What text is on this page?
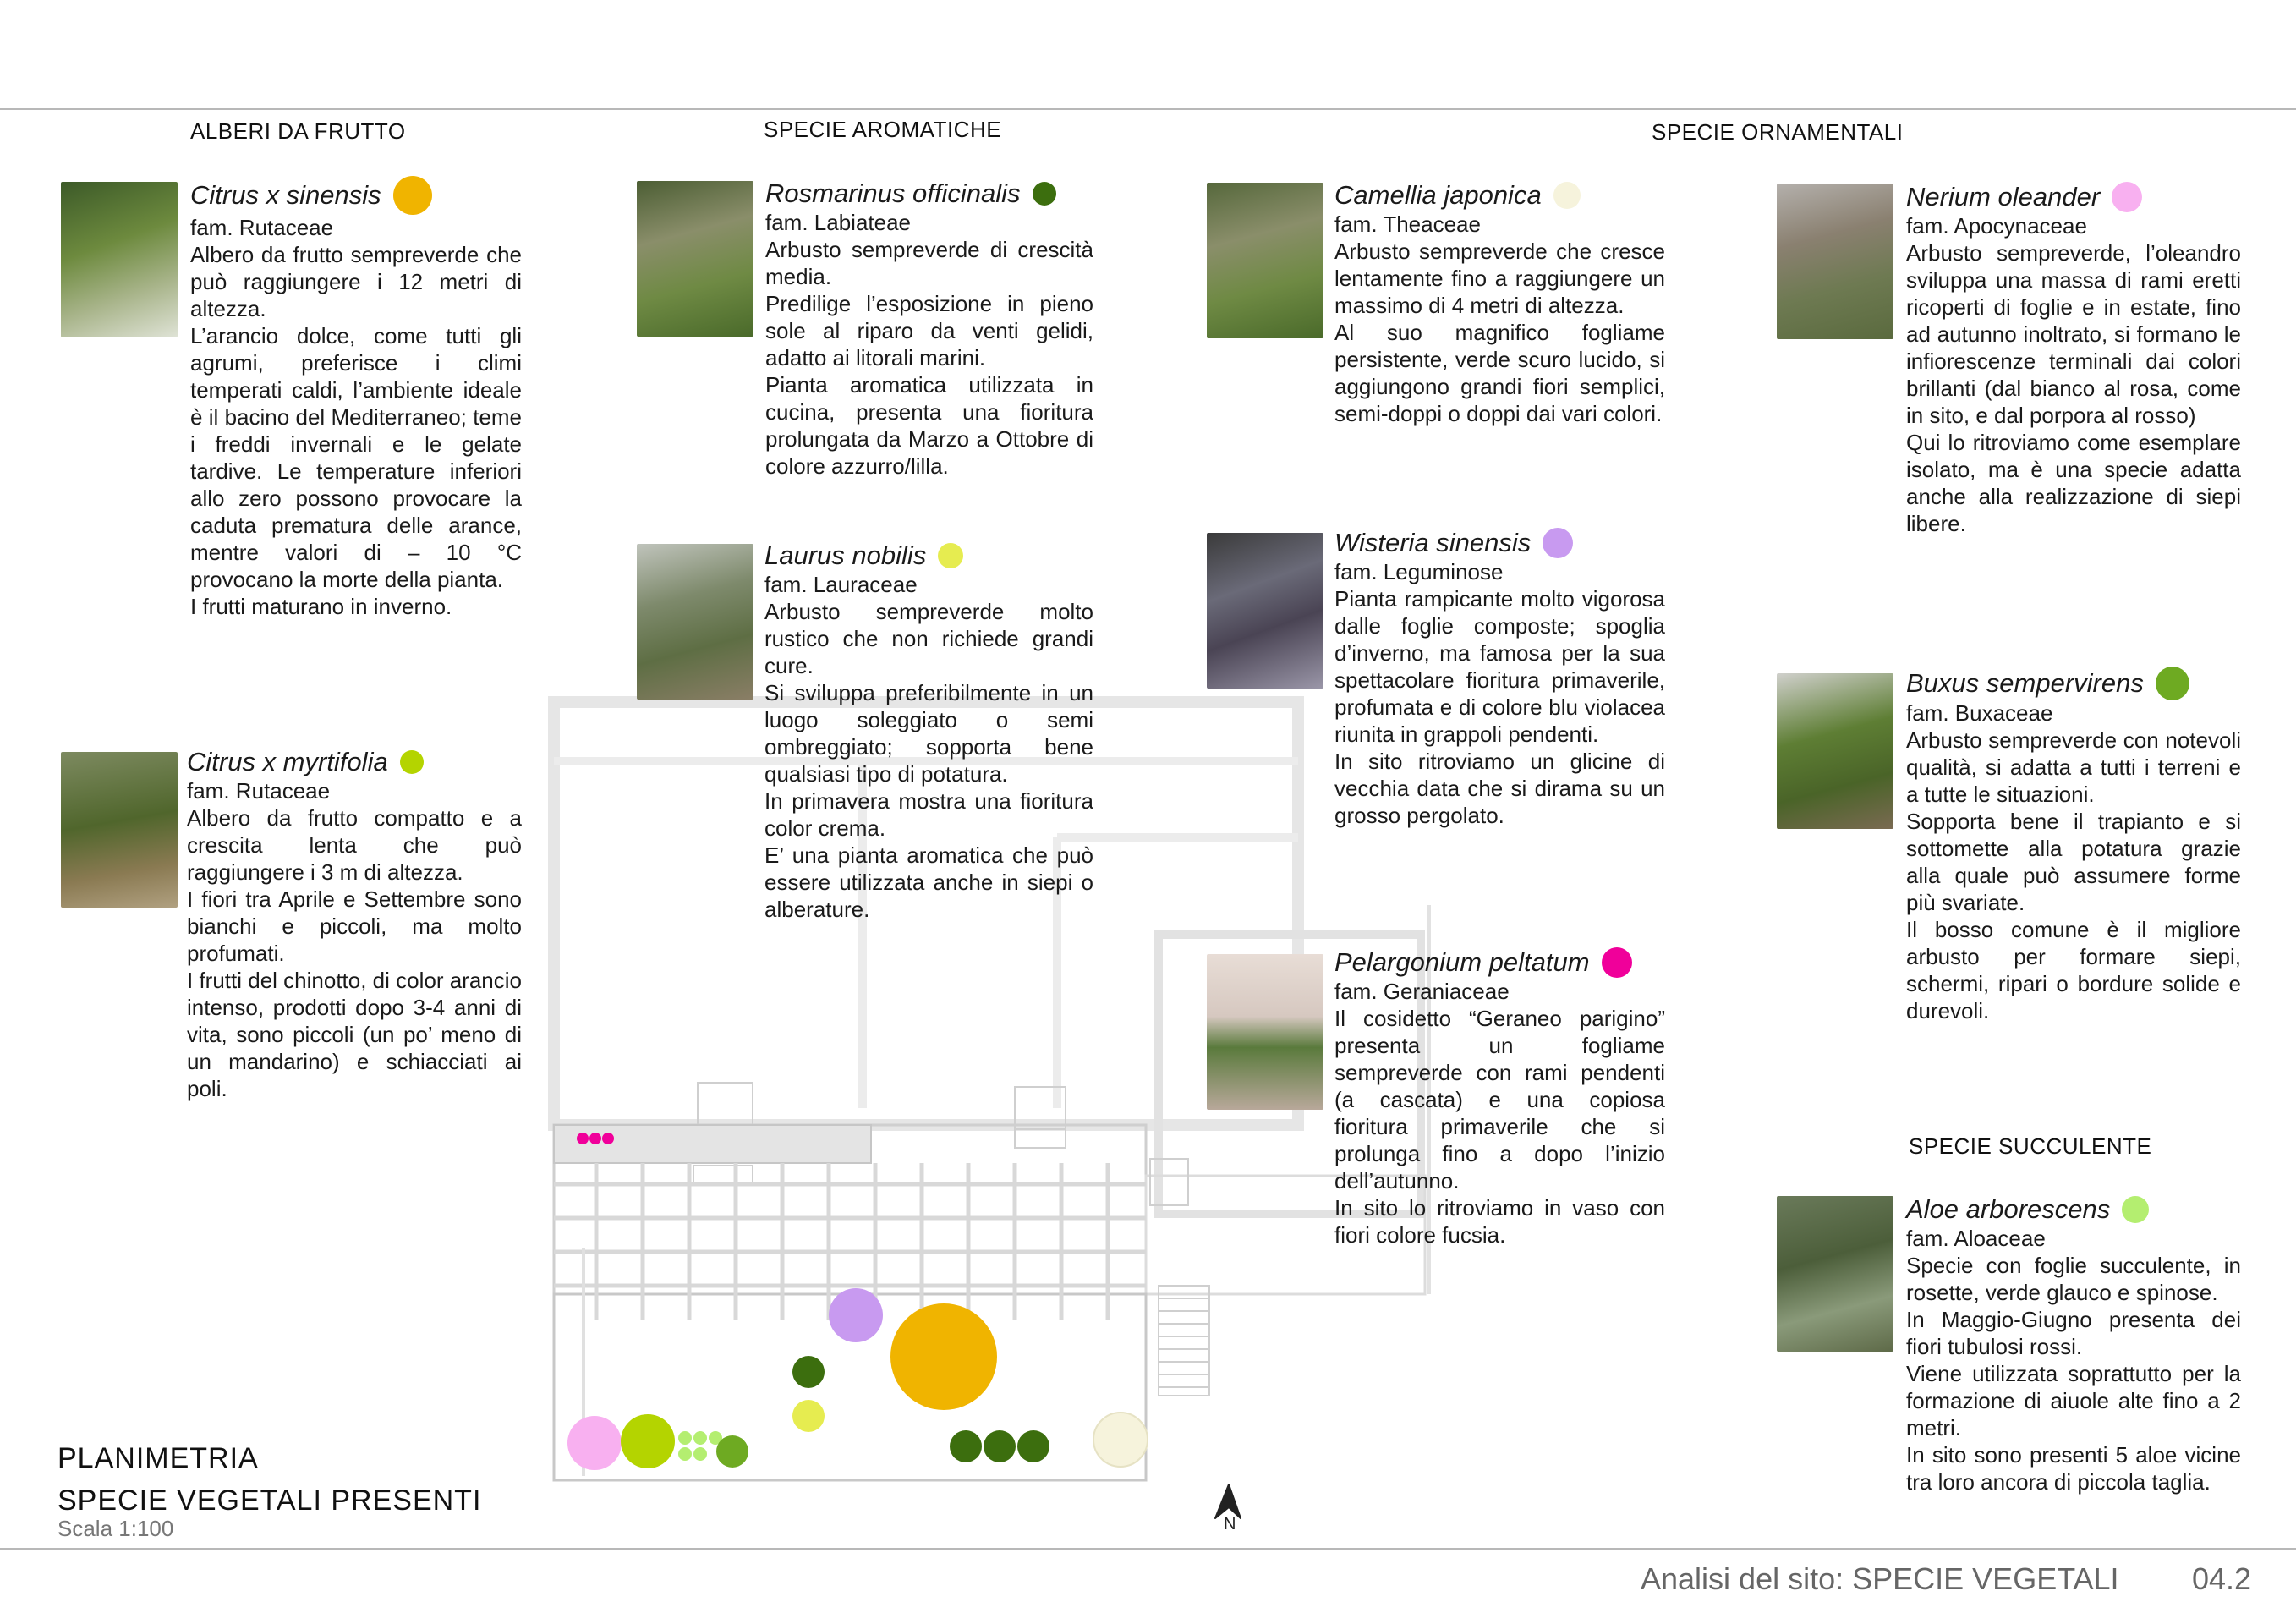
N
ALBERI DA FRUTTO	SPECIE AROMATICHE	SPECIE ORNAMENTALI
SPECIE SUCCULENTE
Citrus x sinensis
fam. Rutaceae

Albero da frutto sempreverde che può raggiungere i 12 metri di altezza.

L’arancio dolce, come tutti gli agrumi, preferisce i climi temperati caldi, l’ambiente ideale è il bacino del Mediterraneo; teme i freddi invernali e le gelate tardive. Le temperature inferiori allo zero possono provocare la caduta prematura delle arance, mentre valori di – 10 °C provocano la morte della pianta.

I frutti maturano in inverno.

Citrus x myrtifolia
fam. Rutaceae

Albero da frutto compatto e a crescita lenta che può raggiungere i 3 m di altezza.

I fiori tra Aprile e Settembre sono bianchi e piccoli, ma molto profumati.

I frutti del chinotto, di color arancio intenso, prodotti dopo 3-4 anni di vita, sono piccoli (un po’ meno di un mandarino) e schiacciati ai poli.

Rosmarinus officinalis
fam. Labiateae

Arbusto sempreverde di crescità media.

Predilige l’esposizione in pieno sole al riparo da venti gelidi, adatto ai litorali marini.

Pianta aromatica utilizzata in cucina, presenta una fioritura prolungata da Marzo a Ottobre di colore azzurro/lilla.

Laurus nobilis
fam. Lauraceae

Arbusto sempreverde molto rustico che non richiede grandi cure.

Si sviluppa preferibilmente in un luogo soleggiato o semi ombreggiato; sopporta bene qualsiasi tipo di potatura.

In primavera mostra una fioritura color crema.

E’ una pianta aromatica che può essere utilizzata anche in siepi o alberature.

Camellia japonica
fam. Theaceae

Arbusto sempreverde che cresce lentamente fino a raggiungere un massimo di 4 metri di altezza.

Al suo magnifico fogliame persistente, verde scuro lucido, si aggiungono grandi fiori semplici, semi-doppi o doppi dai vari colori.

Wisteria sinensis
fam. Leguminose

Pianta rampicante molto vigorosa dalle foglie composte; spoglia d’inverno, ma famosa per la sua spettacolare fioritura primaverile, profumata e di colore blu violacea riunita in grappoli pendenti.

In sito ritroviamo un glicine di vecchia data che si dirama su un grosso pergolato.

Pelargonium peltatum
fam. Geraniaceae

Il cosidetto “Geraneo parigino” presenta un fogliame sempreverde con rami pendenti (a cascata) e una copiosa fioritura primaverile che si prolunga fino a dopo l’inizio dell’autunno.

In sito lo ritroviamo in vaso con fiori colore fucsia.

Nerium oleander
fam. Apocynaceae

Arbusto sempreverde, l’oleandro sviluppa una massa di rami eretti ricoperti di foglie e in estate, fino ad autunno inoltrato, si formano le infiorescenze terminali dai colori brillanti (dal bianco al rosa, come in sito, e dal porpora al rosso)

Qui lo ritroviamo come esemplare isolato, ma è una specie adatta anche alla realizzazione di siepi libere.

Buxus sempervirens
fam. Buxaceae

Arbusto sempreverde con notevoli qualità, si adatta a tutti i terreni e a tutte le situazioni.

Sopporta bene il trapianto e si sottomette alla potatura grazie alla quale può assumere forme più svariate.

Il bosso comune è il migliore arbusto per formare siepi, schermi, ripari o bordure solide e durevoli.

Aloe arborescens
fam. Aloaceae

Specie con foglie succulente, in rosette, verde glauco e spinose.

In Maggio-Giugno presenta dei fiori tubulosi rossi.

Viene utilizzata soprattutto per la formazione di aiuole alte fino a 2 metri.

In sito sono presenti 5 aloe vicine tra loro ancora di piccola taglia.

PLANIMETRIA
SPECIE VEGETALI PRESENTI
Scala 1:100
Analisi del sito: SPECIE VEGETALI 04.2
